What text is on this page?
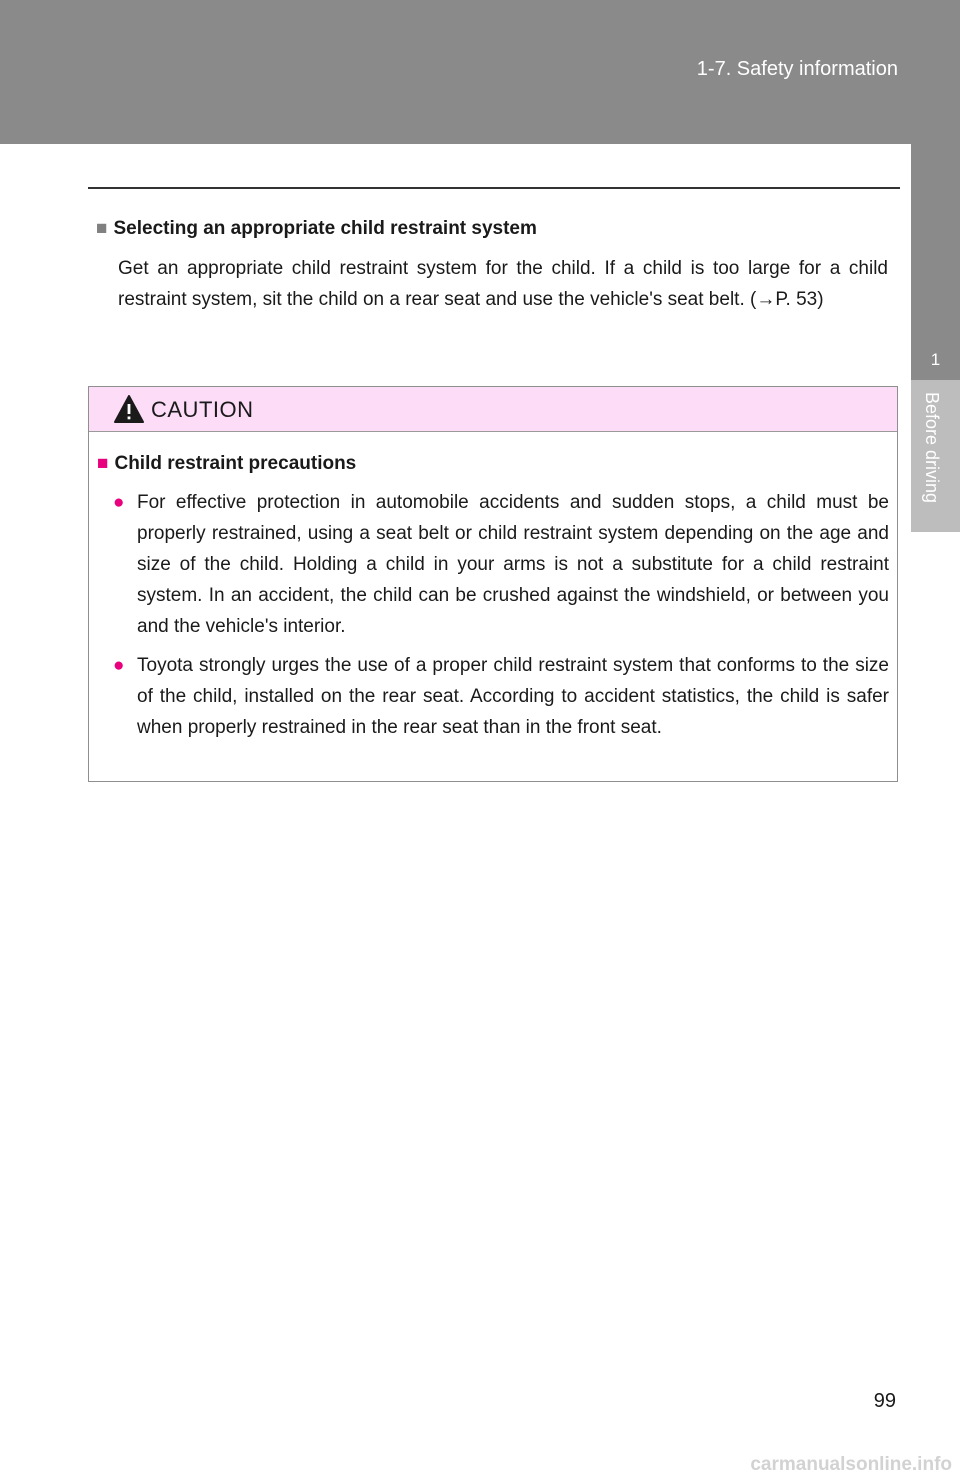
1-7. Safety information
1
Before driving
■ Selecting an appropriate child restraint system
Get an appropriate child restraint system for the child. If a child is too large for a child restraint system, sit the child on a rear seat and use the vehicle's seat belt. (→P. 53)
CAUTION
■ Child restraint precautions
● For effective protection in automobile accidents and sudden stops, a child must be properly restrained, using a seat belt or child restraint system depending on the age and size of the child. Holding a child in your arms is not a substitute for a child restraint system. In an accident, the child can be crushed against the windshield, or between you and the vehicle's interior.
● Toyota strongly urges the use of a proper child restraint system that conforms to the size of the child, installed on the rear seat. According to accident statistics, the child is safer when properly restrained in the rear seat than in the front seat.
99
carmanualsonline.info
